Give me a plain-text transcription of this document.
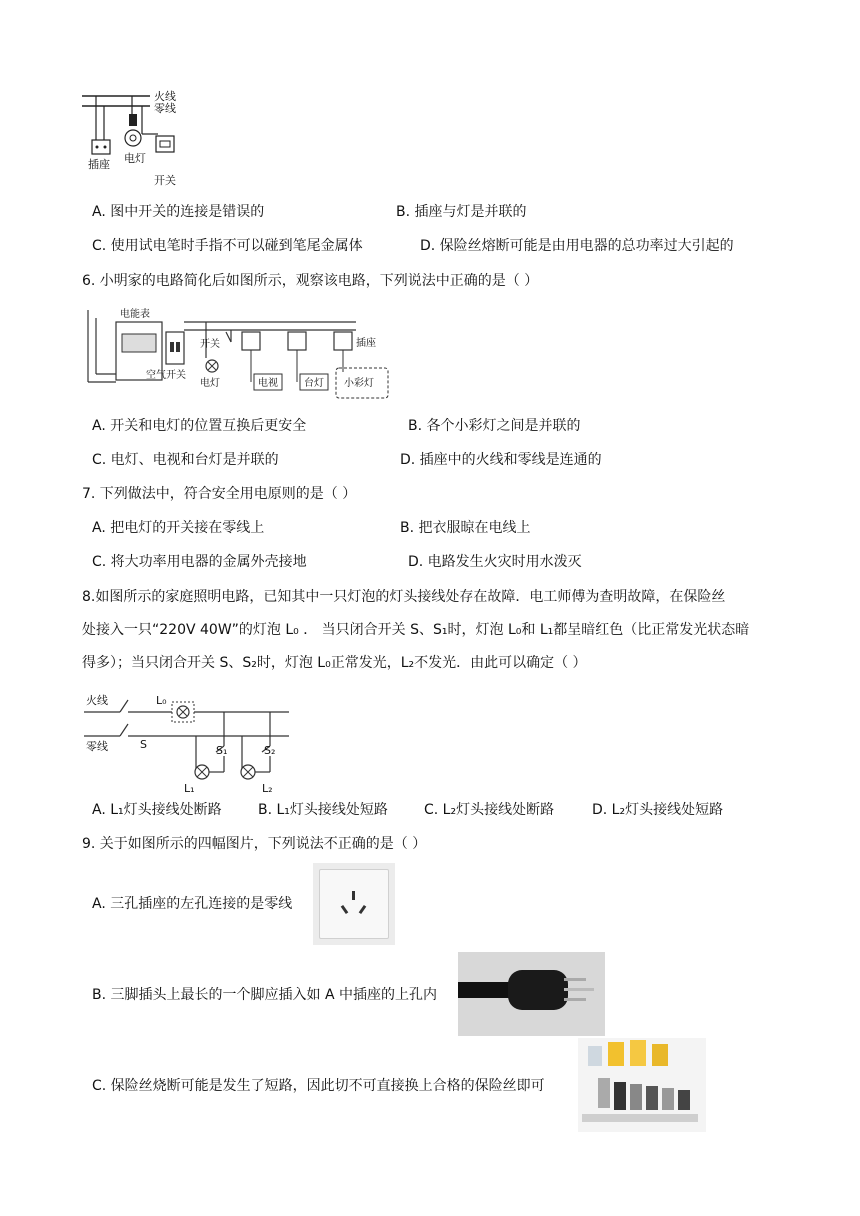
火线
零线
插座 电灯
开关
A. 图中开关的连接是错误的	B. 插座与灯是并联的
C. 使用试电笔时手指不可以碰到笔尾金属体	D. 保险丝熔断可能是由用电器的总功率过大引起的
6. 小明家的电路简化后如图所示，观察该电路，下列说法中正确的是（ ）
电能表
空气开关
开关
电灯
插座
电视	台灯 小彩灯
A. 开关和电灯的位置互换后更安全	B. 各个小彩灯之间是并联的
C. 电灯、电视和台灯是并联的	D. 插座中的火线和零线是连通的
7. 下列做法中，符合安全用电原则的是（ ）
A. 把电灯的开关接在零线上	B. 把衣服晾在电线上
C. 将大功率用电器的金属外壳接地	D. 电路发生火灾时用水泼灭
8.如图所示的家庭照明电路，已知其中一只灯泡的灯头接线处存在故障．电工师傅为查明故障，在保险丝
处接入一只“220V 40W”的灯泡 L₀ ． 当只闭合开关 S、S₁时，灯泡 L₀和 L₁都呈暗红色（比正常发光状态暗
得多）；当只闭合开关 S、S₂时，灯泡 L₀正常发光，L₂不发光．由此可以确定（ ）
火线
零线
L₀
S	S₁
L₁
S₂
L₂
A. L₁灯头接线处断路	B. L₁灯头接线处短路	C. L₂灯头接线处断路	D. L₂灯头接线处短路
9. 关于如图所示的四幅图片，下列说法不正确的是（ ）
A. 三孔插座的左孔连接的是零线
B. 三脚插头上最长的一个脚应插入如 A 中插座的上孔内
C. 保险丝烧断可能是发生了短路，因此切不可直接换上合格的保险丝即可
